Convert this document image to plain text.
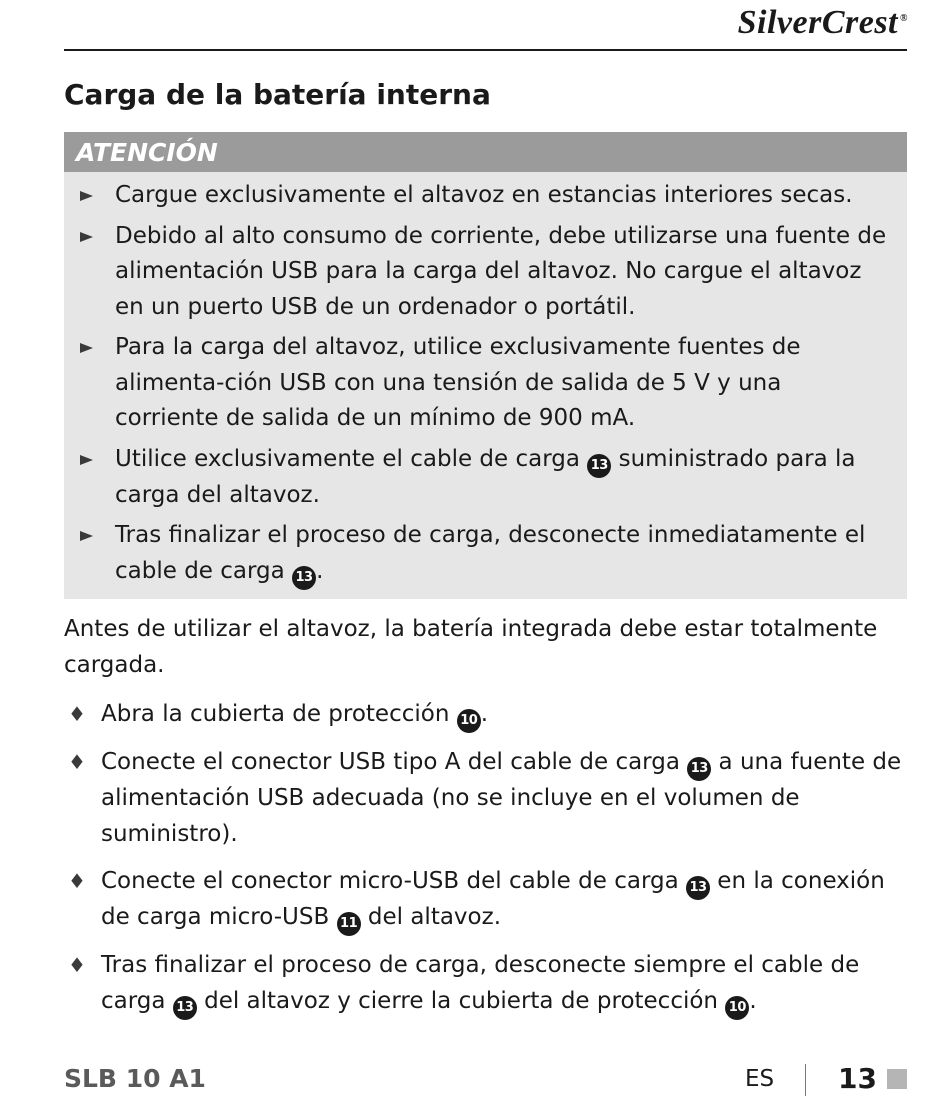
SilverCrest ®
Carga de la batería interna
ATENCIÓN
Cargue exclusivamente el altavoz en estancias interiores secas.
Debido al alto consumo de corriente, debe utilizarse una fuente de alimentación USB para la carga del altavoz. No cargue el altavoz en un puerto USB de un ordenador o portátil.
Para la carga del altavoz, utilice exclusivamente fuentes de alimenta-ción USB con una tensión de salida de 5 V y una corriente de salida de un mínimo de 900 mA.
Utilice exclusivamente el cable de carga 13 suministrado para la carga del altavoz.
Tras finalizar el proceso de carga, desconecte inmediatamente el cable de carga 13 .

Antes de utilizar el altavoz, la batería integrada debe estar totalmente cargada.

♦ Abra la cubierta de protección 10 .
♦ Conecte el conector USB tipo A del cable de carga 13 a una fuente de alimentación USB adecuada (no se incluye en el volumen de suministro).
♦ Conecte el conector micro-USB del cable de carga 13 en la conexión de carga micro-USB 11 del altavoz.
♦ Tras finalizar el proceso de carga, desconecte siempre el cable de carga 13 del altavoz y cierre la cubierta de protección 10 .
SLB 10 A1	ES 13
